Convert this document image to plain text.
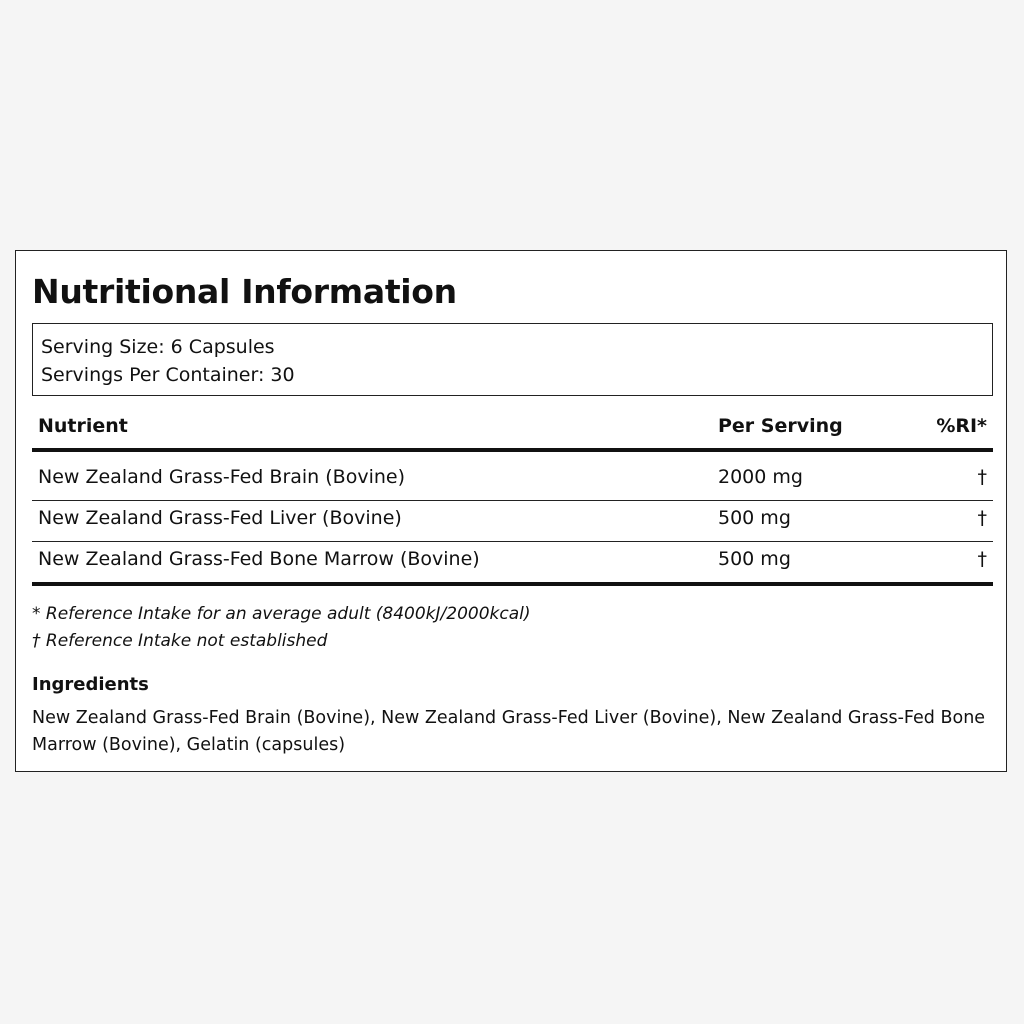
Nutritional Information
Serving Size: 6 Capsules
Servings Per Container: 30
Nutrient	Per Serving	%RI*
New Zealand Grass-Fed Brain (Bovine)	2000 mg	†
New Zealand Grass-Fed Liver (Bovine)	500 mg	†
New Zealand Grass-Fed Bone Marrow (Bovine)	500 mg	†
* Reference Intake for an average adult (8400kJ/2000kcal)
† Reference Intake not established
Ingredients
New Zealand Grass-Fed Brain (Bovine), New Zealand Grass-Fed Liver (Bovine), New Zealand Grass-Fed Bone Marrow (Bovine), Gelatin (capsules)
